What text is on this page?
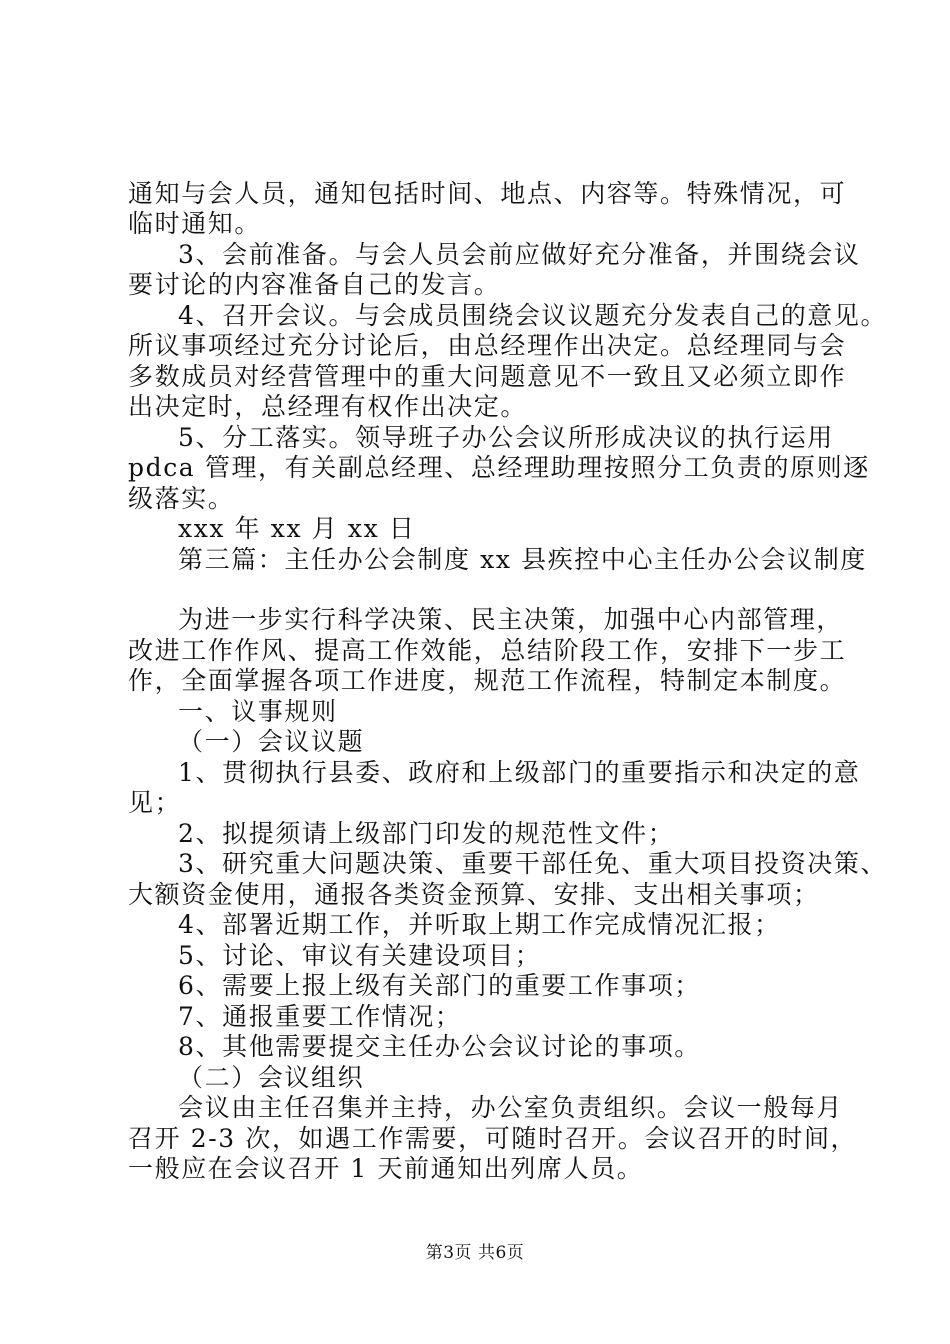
通知与会人员，通知包括时间、地点、内容等。特殊情况，可
临时通知。
3、会前准备。与会人员会前应做好充分准备，并围绕会议
要讨论的内容准备自己的发言。
4、召开会议。与会成员围绕会议议题充分发表自己的意见。
所议事项经过充分讨论后，由总经理作出决定。总经理同与会
多数成员对经营管理中的重大问题意见不一致且又必须立即作
出决定时，总经理有权作出决定。
5、分工落实。领导班子办公会议所形成决议的执行运用
pdca 管理，有关副总经理、总经理助理按照分工负责的原则逐
级落实。
xxx 年 xx 月 xx 日
第三篇：主任办公会制度 xx 县疾控中心主任办公会议制度
为进一步实行科学决策、民主决策，加强中心内部管理，
改进工作作风、提高工作效能，总结阶段工作，安排下一步工
作，全面掌握各项工作进度，规范工作流程，特制定本制度。
一、议事规则
（一）会议议题
1、贯彻执行县委、政府和上级部门的重要指示和决定的意
见；
2、拟提须请上级部门印发的规范性文件；
3、研究重大问题决策、重要干部任免、重大项目投资决策、
大额资金使用，通报各类资金预算、安排、支出相关事项；
4、部署近期工作，并听取上期工作完成情况汇报；
5、讨论、审议有关建设项目；
6、需要上报上级有关部门的重要工作事项；
7、通报重要工作情况；
8、其他需要提交主任办公会议讨论的事项。
（二）会议组织
会议由主任召集并主持，办公室负责组织。会议一般每月
召开 2-3 次，如遇工作需要，可随时召开。会议召开的时间，
一般应在会议召开 1 天前通知出列席人员。
第3页 共6页
